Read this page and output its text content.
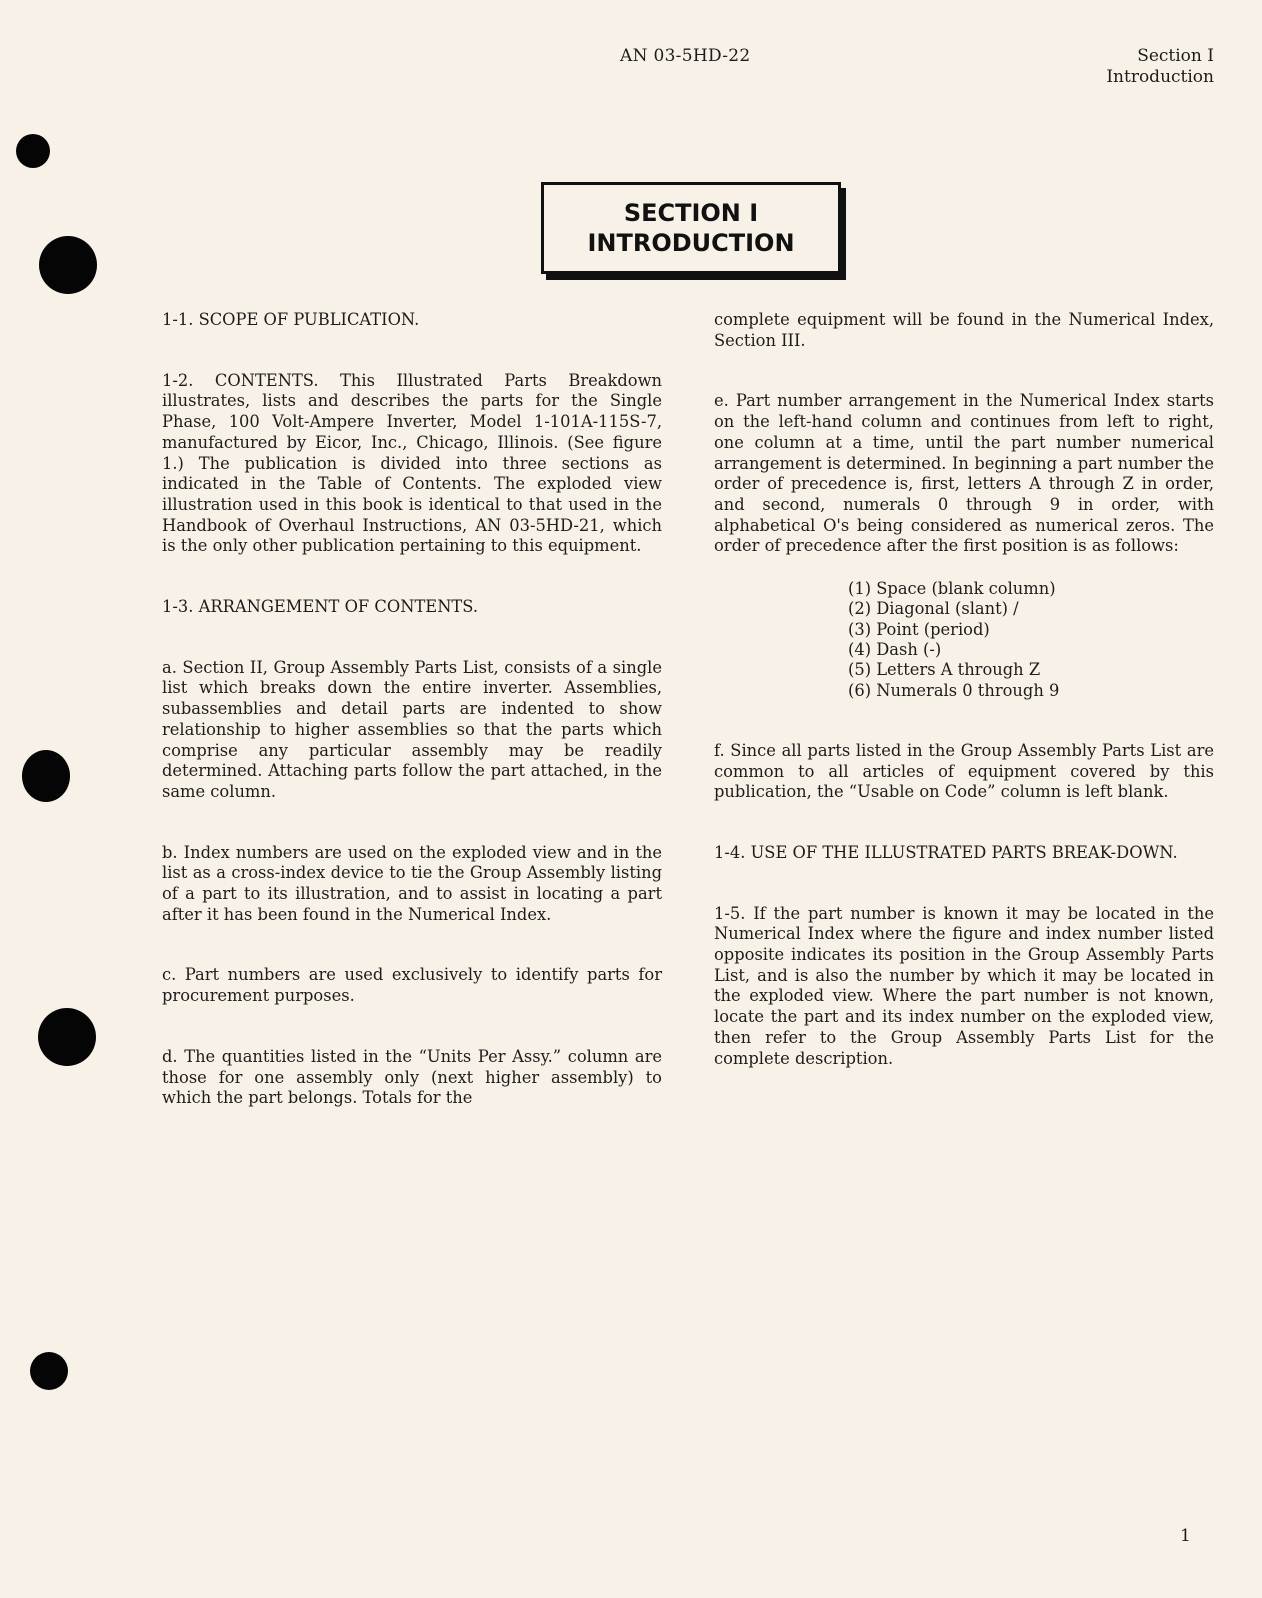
AN 03-5HD-22	Section I
Introduction
SECTION I
INTRODUCTION

1-1. SCOPE OF PUBLICATION.

1-2. CONTENTS. This Illustrated Parts Breakdown illustrates, lists and describes the parts for the Single Phase, 100 Volt-Ampere Inverter, Model 1-101A-115S-7, manufactured by Eicor, Inc., Chicago, Illinois. (See figure 1.) The publication is divided into three sections as indicated in the Table of Contents. The exploded view illustration used in this book is identical to that used in the Handbook of Overhaul Instructions, AN 03-5HD-21, which is the only other publication pertaining to this equipment.

1-3. ARRANGEMENT OF CONTENTS.

a. Section II, Group Assembly Parts List, consists of a single list which breaks down the entire inverter. Assemblies, subassemblies and detail parts are indented to show relationship to higher assemblies so that the parts which comprise any particular assembly may be readily determined. Attaching parts follow the part attached, in the same column.

b. Index numbers are used on the exploded view and in the list as a cross-index device to tie the Group Assembly listing of a part to its illustration, and to assist in locating a part after it has been found in the Numerical Index.

c. Part numbers are used exclusively to identify parts for procurement purposes.

d. The quantities listed in the “Units Per Assy.” column are those for one assembly only (next higher assembly) to which the part belongs. Totals for the

complete equipment will be found in the Numerical Index, Section III.

e. Part number arrangement in the Numerical Index starts on the left-hand column and continues from left to right, one column at a time, until the part number numerical arrangement is determined. In beginning a part number the order of precedence is, first, letters A through Z in order, and second, numerals 0 through 9 in order, with alphabetical O's being considered as numerical zeros. The order of precedence after the first position is as follows:

(1) Space (blank column)
(2) Diagonal (slant) /
(3) Point (period)
(4) Dash (-)
(5) Letters A through Z
(6) Numerals 0 through 9

f. Since all parts listed in the Group Assembly Parts List are common to all articles of equipment covered by this publication, the “Usable on Code” column is left blank.

1-4. USE OF THE ILLUSTRATED PARTS BREAK-DOWN.

1-5. If the part number is known it may be located in the Numerical Index where the figure and index number listed opposite indicates its position in the Group Assembly Parts List, and is also the number by which it may be located in the exploded view. Where the part number is not known, locate the part and its index number on the exploded view, then refer to the Group Assembly Parts List for the complete description.

1
